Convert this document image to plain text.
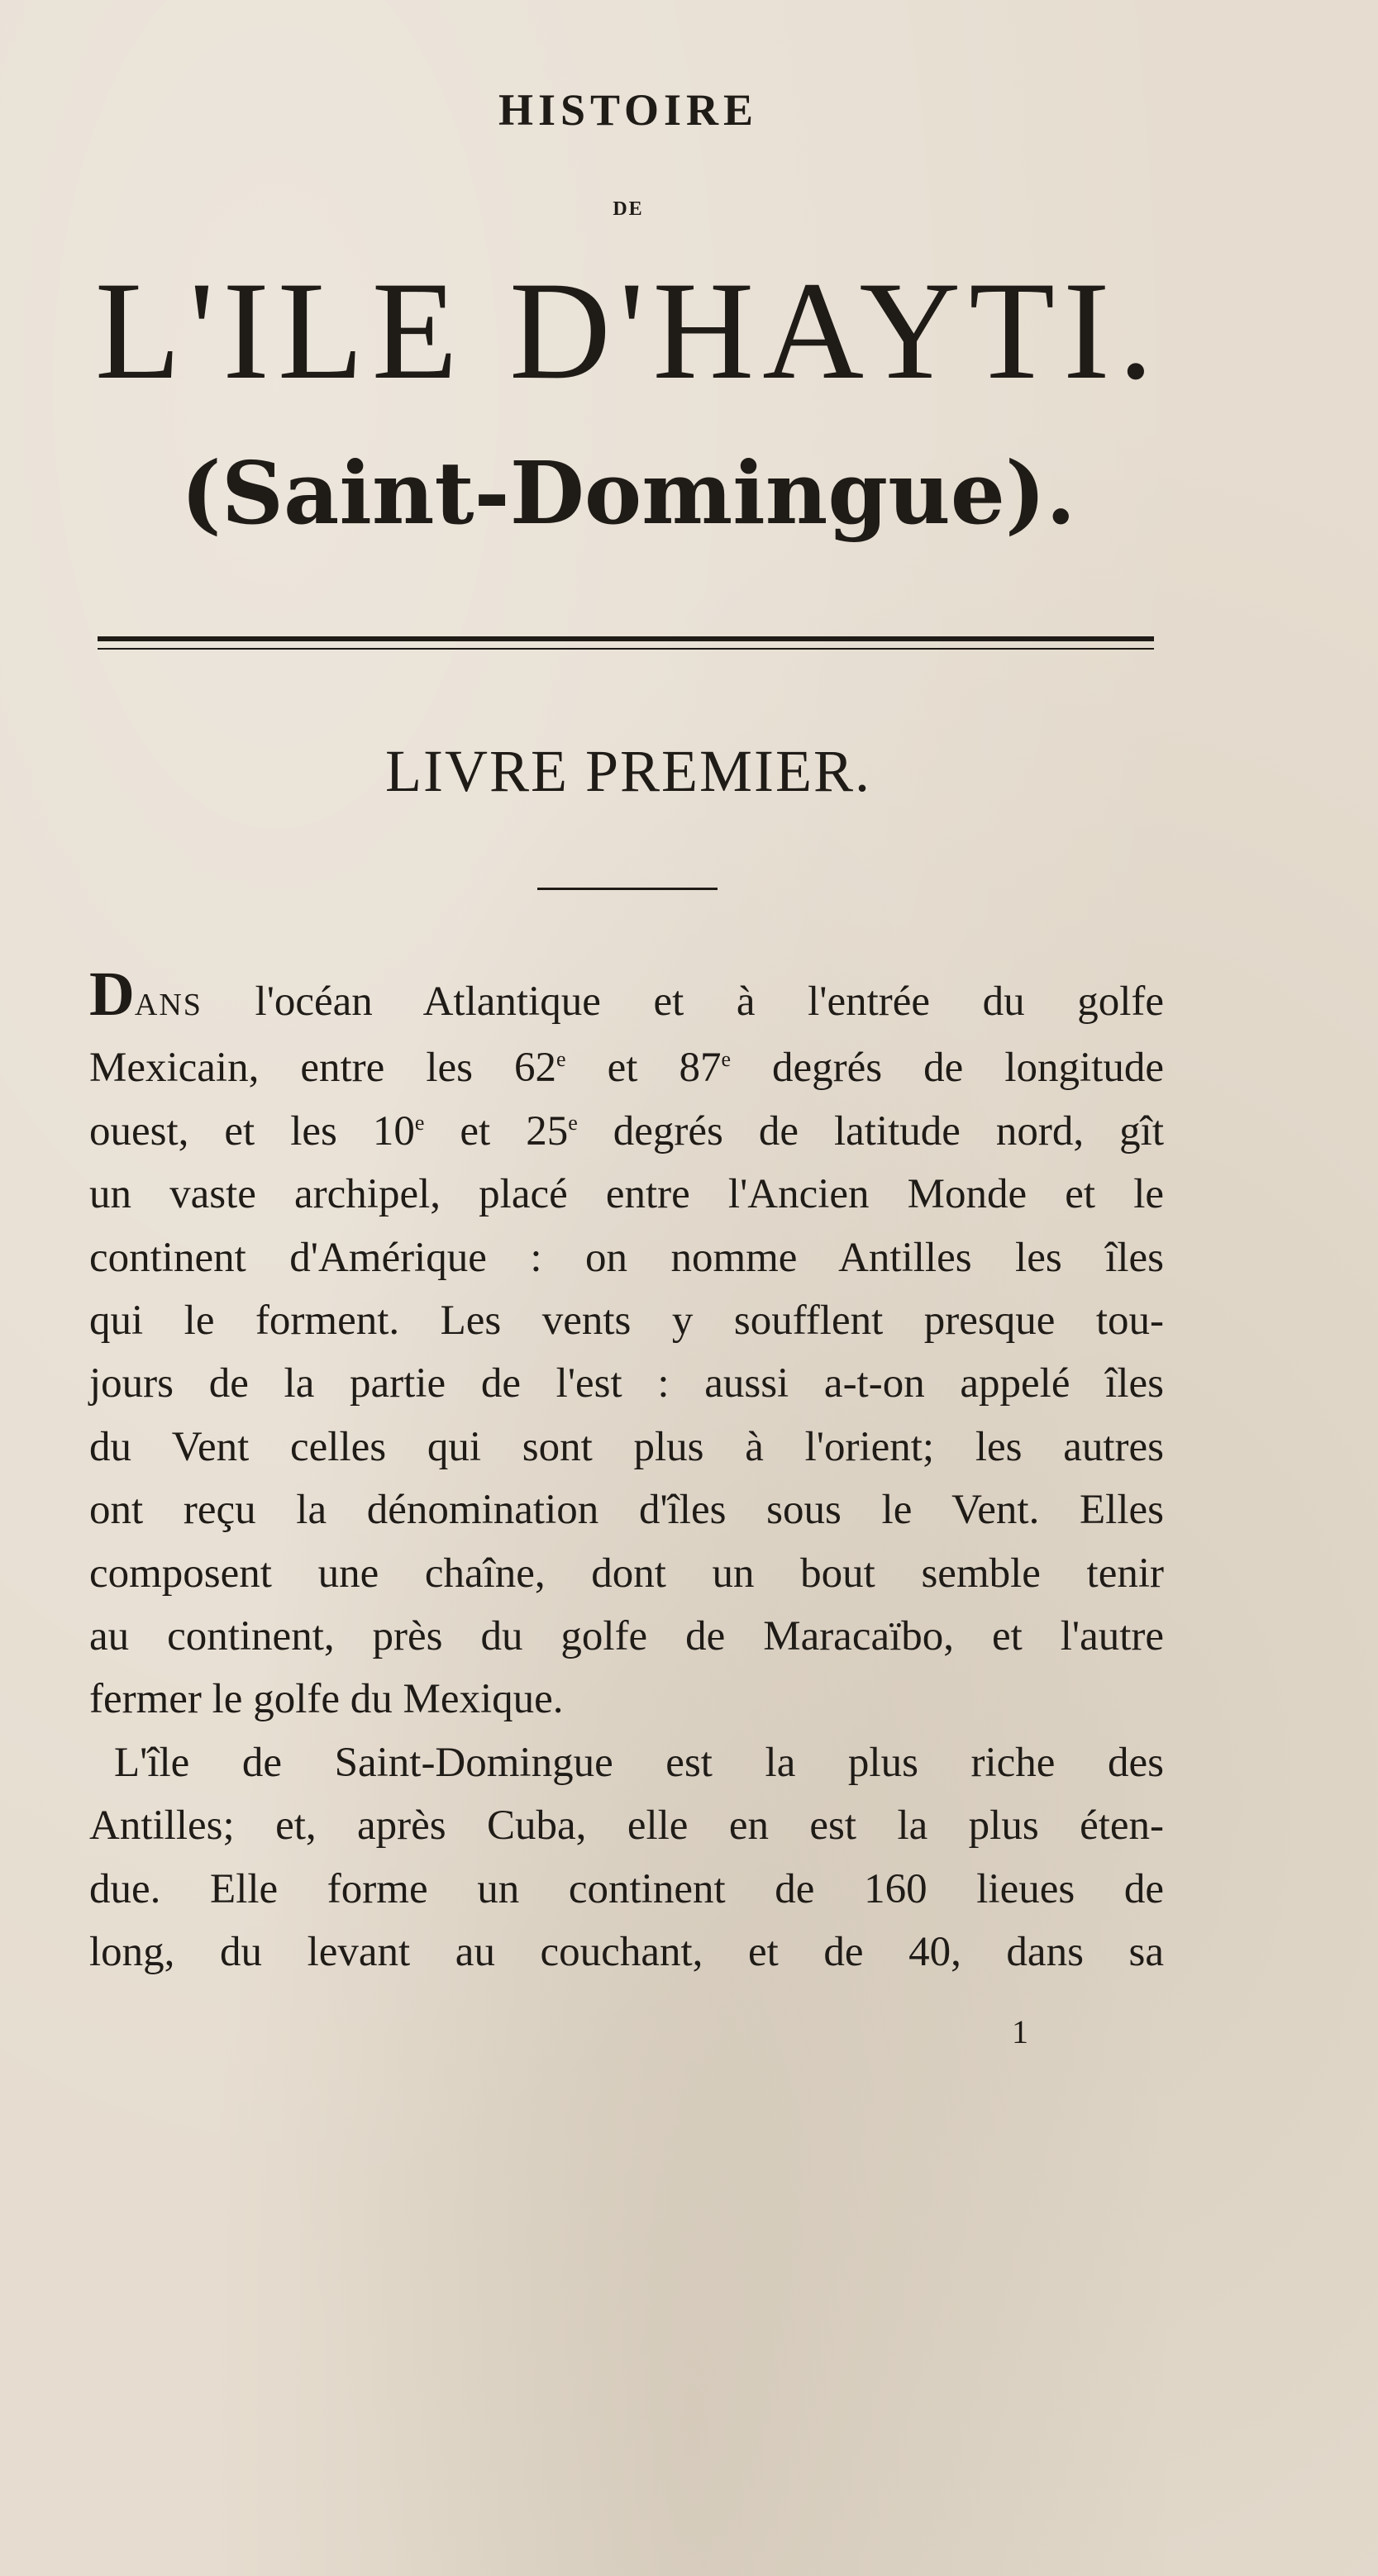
HISTOIRE
DE
L'ILE D'HAYTI.
(Saint-Domingue).
LIVRE PREMIER.
DANS l'océan Atlantique et à l'entrée du golfe
Mexicain, entre les 62e et 87e degrés de longitude
ouest, et les 10e et 25e degrés de latitude nord, gît
un vaste archipel, placé entre l'Ancien Monde et le
continent d'Amérique : on nomme Antilles les îles
qui le forment. Les vents y soufflent presque tou-
jours de la partie de l'est : aussi a-t-on appelé îles
du Vent celles qui sont plus à l'orient; les autres
ont reçu la dénomination d'îles sous le Vent. Elles
composent une chaîne, dont un bout semble tenir
au continent, près du golfe de Maracaïbo, et l'autre
fermer le golfe du Mexique.
L'île de Saint-Domingue est la plus riche des
Antilles; et, après Cuba, elle en est la plus éten-
due. Elle forme un continent de 160 lieues de
long, du levant au couchant, et de 40, dans sa
1
